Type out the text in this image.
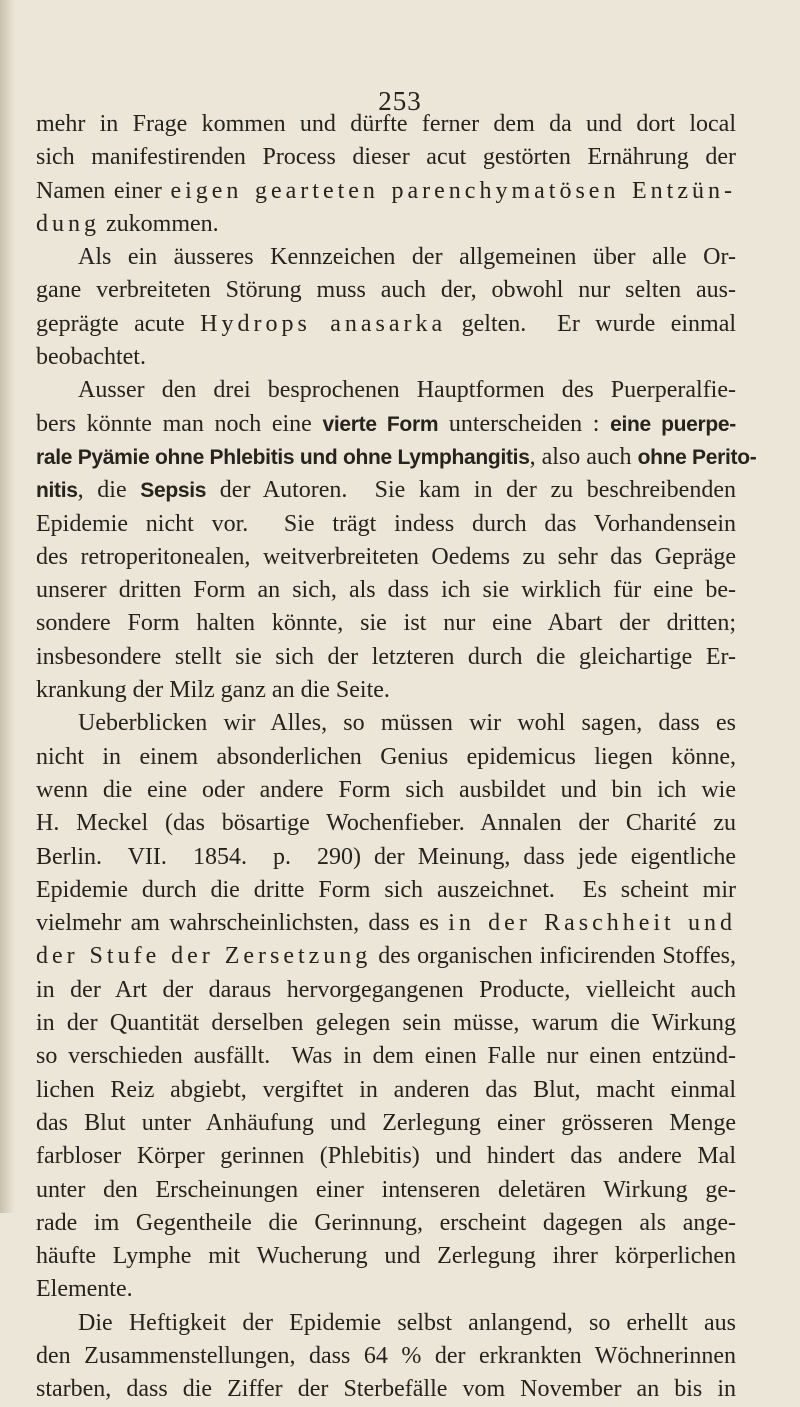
253
mehr in Frage kommen und dürfte ferner dem da und dort local
sich manifestirenden Process dieser acut gestörten Ernährung der
Namen einer eigen gearteten parenchymatösen Entzün-
dung zukommen.
Als ein äusseres Kennzeichen der allgemeinen über alle Or-
gane verbreiteten Störung muss auch der, obwohl nur selten aus-
geprägte acute Hydrops anasarka gelten.  Er wurde einmal
beobachtet.
Ausser den drei besprochenen Hauptformen des Puerperalfie-
bers könnte man noch eine vierte Form unterscheiden : eine puerpe-
rale Pyämie ohne Phlebitis und ohne Lymphangitis, also auch ohne Perito-
nitis, die Sepsis der Autoren.  Sie kam in der zu beschreibenden
Epidemie nicht vor.  Sie trägt indess durch das Vorhandensein
des retroperitonealen, weitverbreiteten Oedems zu sehr das Gepräge
unserer dritten Form an sich, als dass ich sie wirklich für eine be-
sondere Form halten könnte, sie ist nur eine Abart der dritten;
insbesondere stellt sie sich der letzteren durch die gleichartige Er-
krankung der Milz ganz an die Seite.
Ueberblicken wir Alles, so müssen wir wohl sagen, dass es
nicht in einem absonderlichen Genius epidemicus liegen könne,
wenn die eine oder andere Form sich ausbildet und bin ich wie
H. Meckel (das bösartige Wochenfieber. Annalen der Charité zu
Berlin.  VII.  1854.  p.  290) der Meinung, dass jede eigentliche
Epidemie durch die dritte Form sich auszeichnet.  Es scheint mir
vielmehr am wahrscheinlichsten, dass es in der Raschheit und
der Stufe der Zersetzung des organischen inficirenden Stoffes,
in der Art der daraus hervorgegangenen Producte, vielleicht auch
in der Quantität derselben gelegen sein müsse, warum die Wirkung
so verschieden ausfällt.  Was in dem einen Falle nur einen entzünd-
lichen Reiz abgiebt, vergiftet in anderen das Blut, macht einmal
das Blut unter Anhäufung und Zerlegung einer grösseren Menge
farbloser Körper gerinnen (Phlebitis) und hindert das andere Mal
unter den Erscheinungen einer intenseren deletären Wirkung ge-
rade im Gegentheile die Gerinnung, erscheint dagegen als ange-
häufte Lymphe mit Wucherung und Zerlegung ihrer körperlichen
Elemente.
Die Heftigkeit der Epidemie selbst anlangend, so erhellt aus
den Zusammenstellungen, dass 64 % der erkrankten Wöchnerinnen
starben, dass die Ziffer der Sterbefälle vom November an bis in
